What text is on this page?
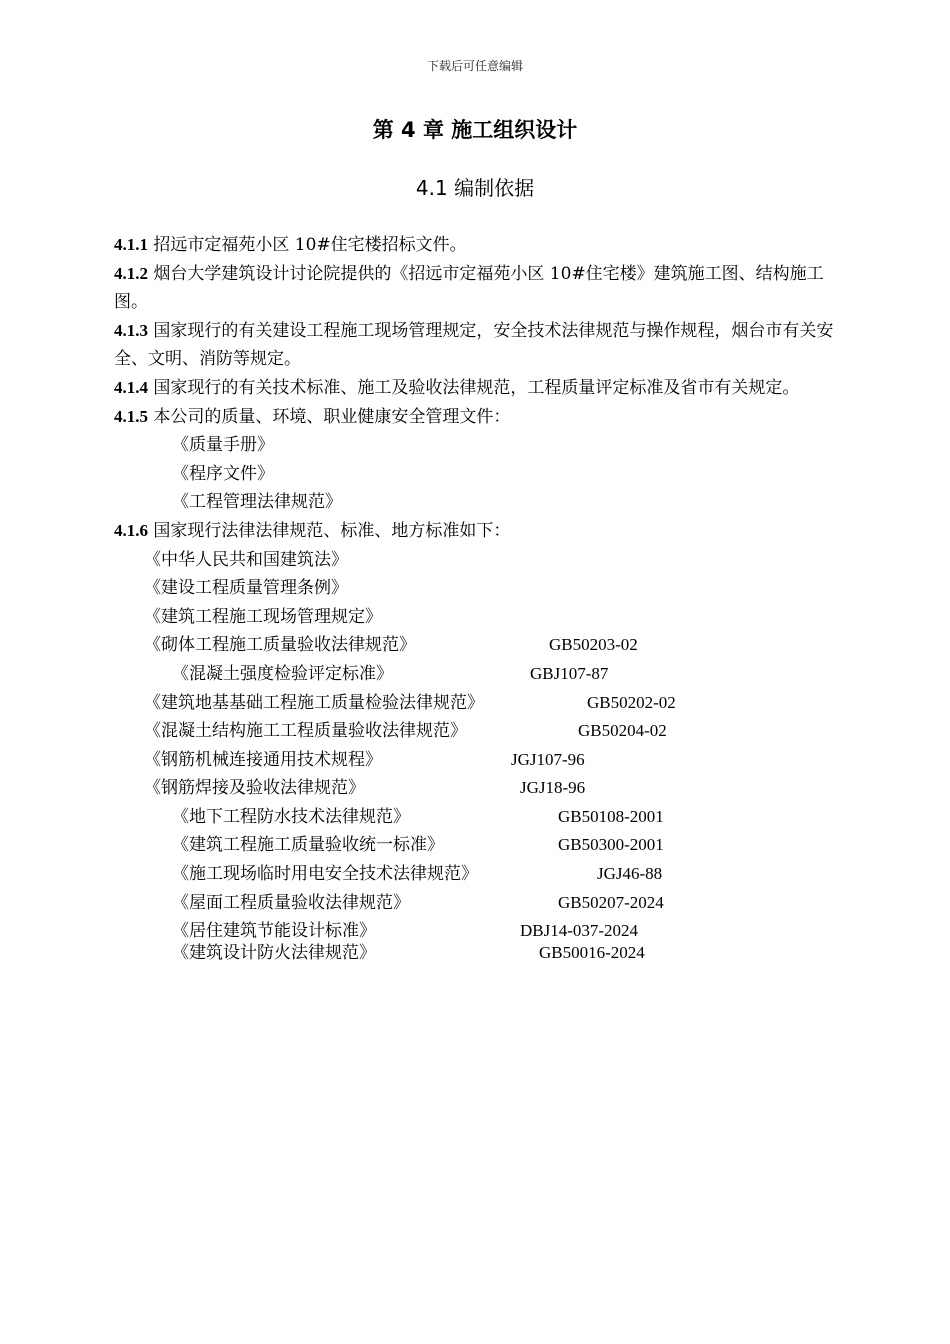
下载后可任意编辑
第 4 章 施工组织设计
4.1 编制依据

4.1.1 招远市定福苑小区 10#住宅楼招标文件。

4.1.2 烟台大学建筑设计讨论院提供的《招远市定福苑小区 10#住宅楼》建筑施工图、结构施工图。

4.1.3 国家现行的有关建设工程施工现场管理规定，安全技术法律规范与操作规程，烟台市有关安全、文明、消防等规定。

4.1.4 国家现行的有关技术标准、施工及验收法律规范，工程质量评定标准及省市有关规定。

4.1.5 本公司的质量、环境、职业健康安全管理文件：

《质量手册》

《程序文件》

《工程管理法律规范》

4.1.6 国家现行法律法律规范、标准、地方标准如下：

《中华人民共和国建筑法》
《建设工程质量管理条例》
《建筑工程施工现场管理规定》
《砌体工程施工质量验收法律规范》	GB50203-02
《混凝土强度检验评定标准》	GBJ107-87
《建筑地基基础工程施工质量检验法律规范》	GB50202-02
《混凝土结构施工工程质量验收法律规范》	GB50204-02
《钢筋机械连接通用技术规程》	JGJ107-96
《钢筋焊接及验收法律规范》	JGJ18-96
《地下工程防水技术法律规范》	GB50108-2001
《建筑工程施工质量验收统一标准》	GB50300-2001
《施工现场临时用电安全技术法律规范》	JGJ46-88
《屋面工程质量验收法律规范》	GB50207-2024
《居住建筑节能设计标准》	DBJ14-037-2024
《建筑设计防火法律规范》	GB50016-2024
